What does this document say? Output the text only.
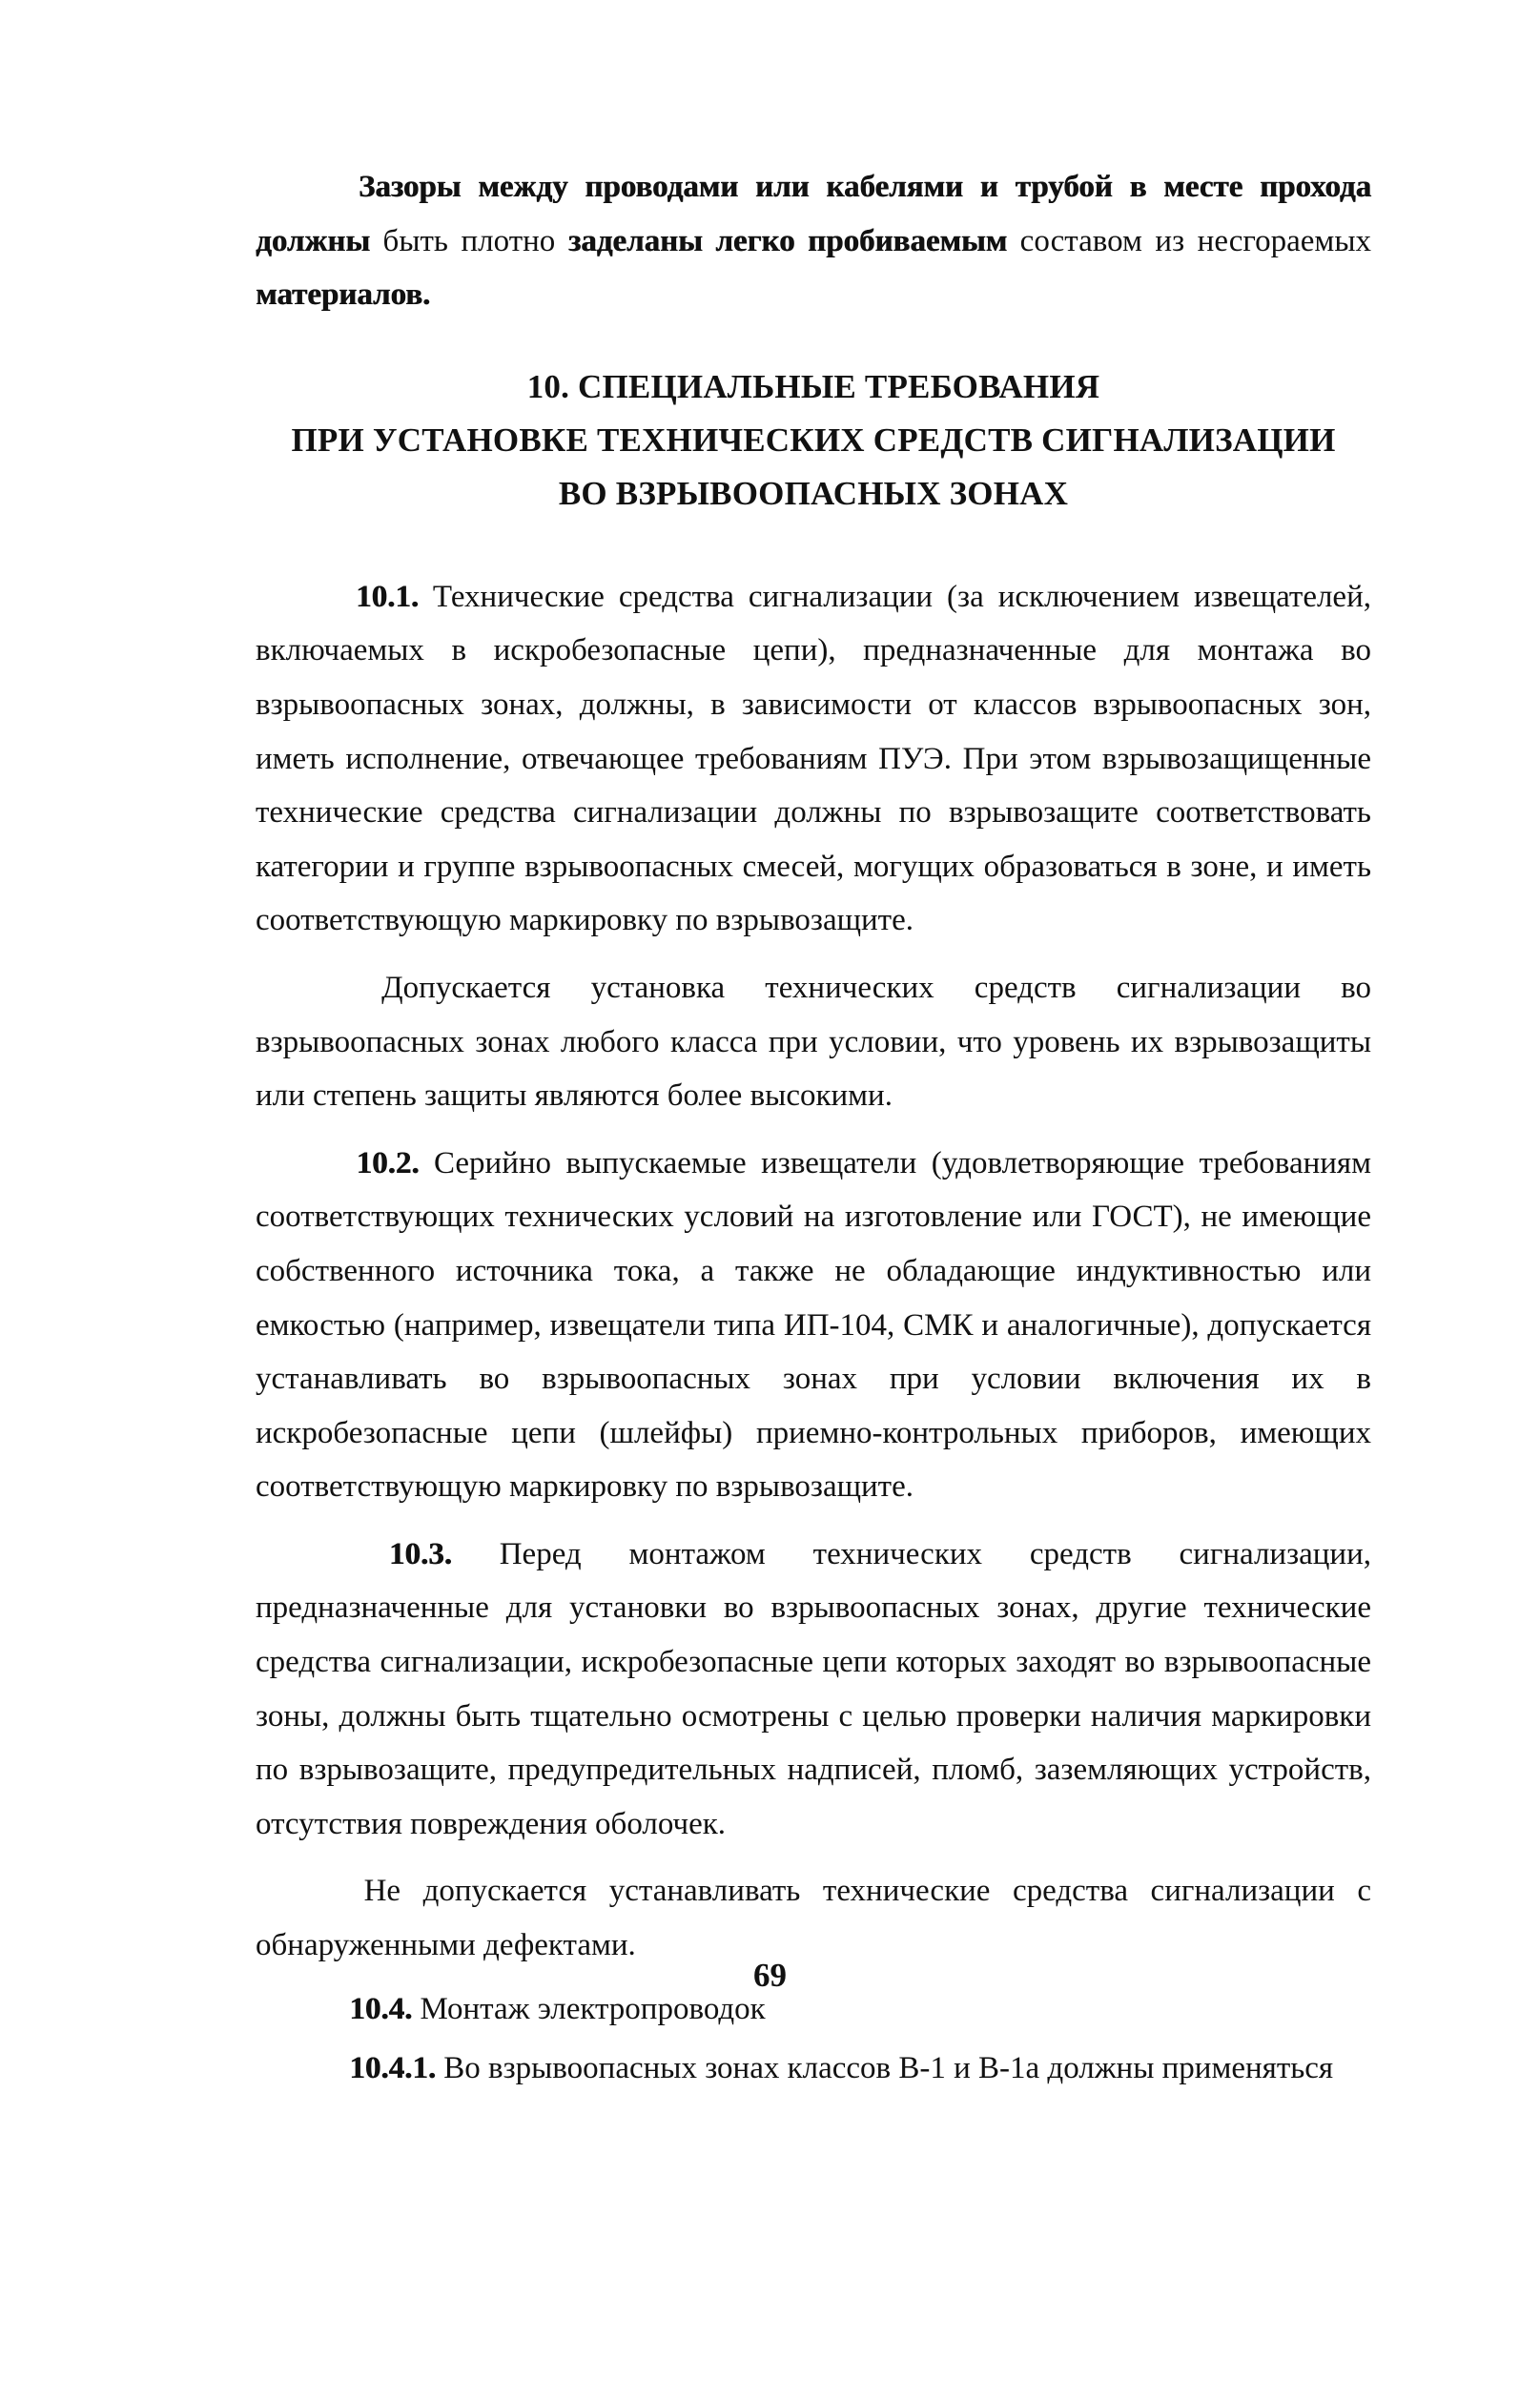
Зазоры между проводами или кабелями и трубой в месте прохода должны быть плотно заделаны легко пробиваемым составом из несгораемых материалов.

10. СПЕЦИАЛЬНЫЕ ТРЕБОВАНИЯ
ПРИ УСТАНОВКЕ ТЕХНИЧЕСКИХ СРЕДСТВ СИГНАЛИЗАЦИИ
ВО ВЗРЫВООПАСНЫХ ЗОНАХ

10.1. Технические средства сигнализации (за исключением извещателей, включаемых в искробезопасные цепи), предназначенные для монтажа во взрывоопасных зонах, должны, в зависимости от классов взрывоопасных зон, иметь исполнение, отвечающее требованиям ПУЭ. При этом взрывозащищенные технические средства сигнализации должны по взрывозащите соответствовать категории и группе взрывоопасных смесей, могущих образоваться в зоне, и иметь соответствующую маркировку по взрывозащите.

Допускается установка технических средств сигнализации во взрывоопасных зонах любого класса при условии, что уровень их взрывозащиты или степень защиты являются более высокими.

10.2. Серийно выпускаемые извещатели (удовлетворяющие требованиям соответствующих технических условий на изготовление или ГОСТ), не имеющие собственного источника тока, а также не обладающие индуктивностью или емкостью (например, извещатели типа ИП-104, СМК и аналогичные), допускается устанавливать во взрывоопасных зонах при условии включения их в искробезопасные цепи (шлейфы) приемно-контрольных приборов, имеющих соответствующую маркировку по взрывозащите.

10.3. Перед монтажом технических средств сигнализации, предназначенные для установки во взрывоопасных зонах, другие технические средства сигнализации, искробезопасные цепи которых заходят во взрывоопасные зоны, должны быть тщательно осмотрены с целью проверки наличия маркировки по взрывозащите, предупредительных надписей, пломб, заземляющих устройств, отсутствия повреждения оболочек.

Не допускается устанавливать технические средства сигнализации с обнаруженными дефектами.

10.4. Монтаж электропроводок

10.4.1. Во взрывоопасных зонах классов В-1 и В-1а должны применяться

69
